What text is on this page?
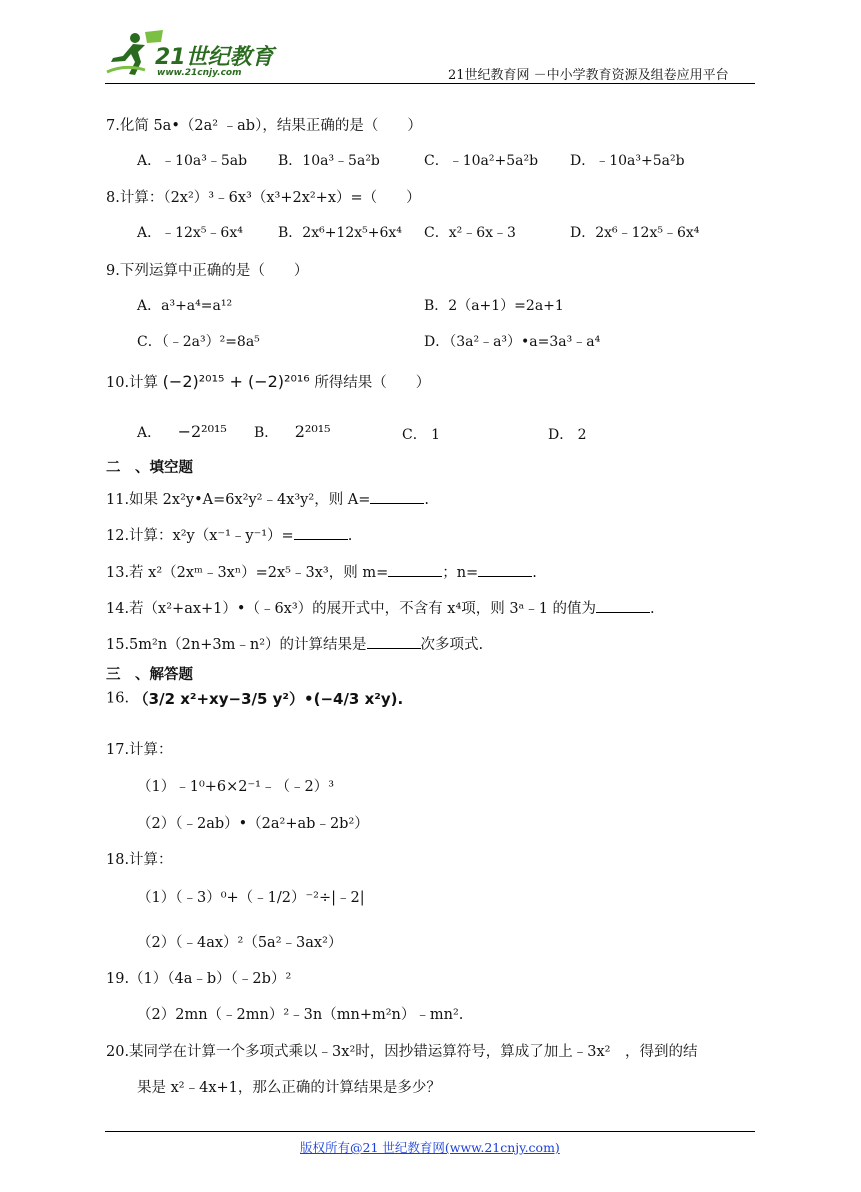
21世纪教育
www.21cnjy.com	21世纪教育网 －中小学教育资源及组卷应用平台
7.化简 5a•（2a² ﹣ab），结果正确的是（　　）
A．﹣10a³﹣5ab B．10a³﹣5a²b	C．﹣10a²+5a²b D．﹣10a³+5a²b
8.计算：（2x²）³﹣6x³（x³+2x²+x）=（　　）
A．﹣12x⁵﹣6x⁴	B．2x⁶+12x⁵+6x⁴ C．x²﹣6x﹣3	D．2x⁶﹣12x⁵﹣6x⁴
9.下列运算中正确的是（　　）
A．a³+a⁴=a¹²	B．2（a+1）=2a+1
C．（﹣2a³）²=8a⁵	D．（3a²﹣a³）•a=3a³﹣a⁴
10.计算 (−2)²⁰¹⁵ + (−2)²⁰¹⁶ 所得结果（　　）
A． −2²⁰¹⁵ B． 2²⁰¹⁵	C． 1	D． 2
二　、填空题
11.如果 2x²y•A=6x²y²﹣4x³y²，则 A=	.
12.计算：x²y（x⁻¹﹣y⁻¹）=	.
13.若 x²（2xᵐ﹣3xⁿ）=2x⁵﹣3x³，则 m=	；n=	.
14.若（x²+ax+1）•（﹣6x³）的展开式中，不含有 x⁴项，则 3ᵃ﹣1 的值为	.
15.5m²n（2n+3m﹣n²）的计算结果是	次多项式.
三　、解答题
16. （3/2 x²+xy−3/5 y²）•(−4/3 x²y).
17.计算：
（1）﹣1⁰+6×2⁻¹﹣（﹣2）³
（2）（﹣2ab）•（2a²+ab﹣2b²）
18.计算：
（1）（﹣3）⁰+（﹣1/2）⁻²÷|﹣2|
（2）（﹣4ax）²（5a²﹣3ax²）
19.（1）（4a﹣b）（﹣2b）²
（2）2mn（﹣2mn）²﹣3n（mn+m²n）﹣mn².
20.某同学在计算一个多项式乘以﹣3x²时，因抄错运算符号，算成了加上﹣3x²　，得到的结
果是 x²﹣4x+1，那么正确的计算结果是多少？
版权所有@21 世纪教育网(www.21cnjy.com)
